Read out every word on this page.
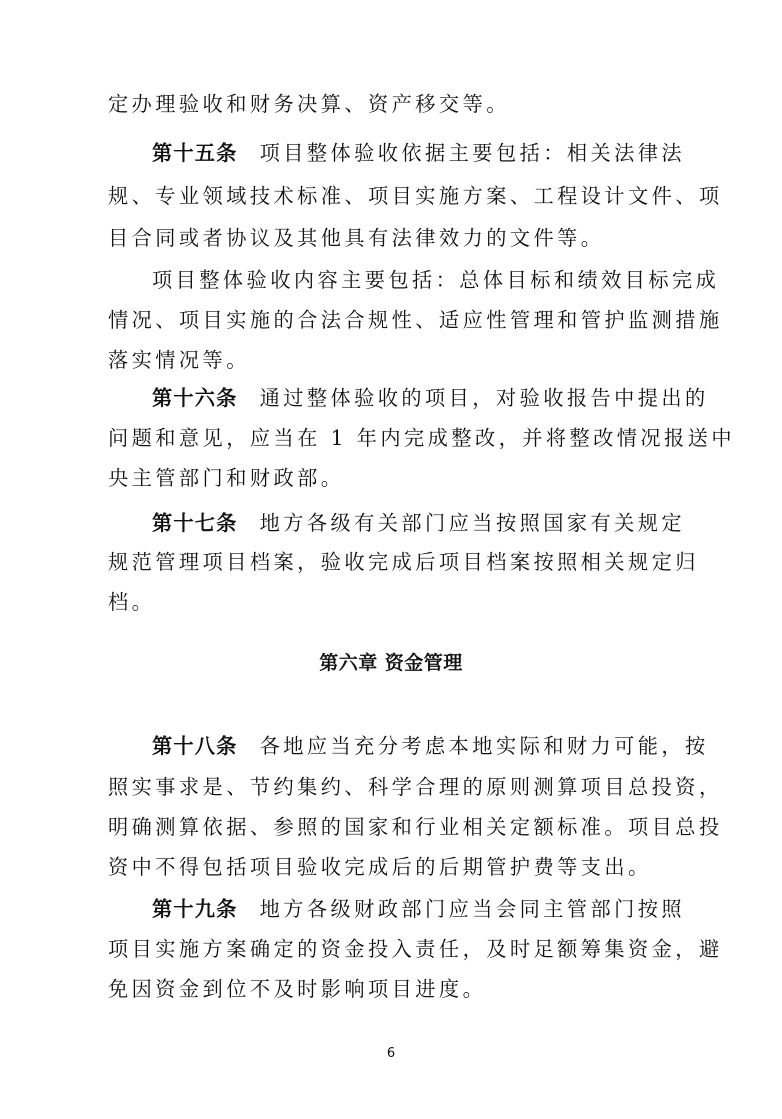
定办理验收和财务决算、资产移交等。
第十五条 项目整体验收依据主要包括：相关法律法
规、专业领域技术标准、项目实施方案、工程设计文件、项
目合同或者协议及其他具有法律效力的文件等。
项目整体验收内容主要包括：总体目标和绩效目标完成
情况、项目实施的合法合规性、适应性管理和管护监测措施
落实情况等。
第十六条 通过整体验收的项目，对验收报告中提出的
问题和意见，应当在 1 年内完成整改，并将整改情况报送中
央主管部门和财政部。
第十七条 地方各级有关部门应当按照国家有关规定
规范管理项目档案，验收完成后项目档案按照相关规定归
档。
第六章 资金管理
第十八条 各地应当充分考虑本地实际和财力可能，按
照实事求是、节约集约、科学合理的原则测算项目总投资，
明确测算依据、参照的国家和行业相关定额标准。项目总投
资中不得包括项目验收完成后的后期管护费等支出。
第十九条 地方各级财政部门应当会同主管部门按照
项目实施方案确定的资金投入责任，及时足额筹集资金，避
免因资金到位不及时影响项目进度。
6
